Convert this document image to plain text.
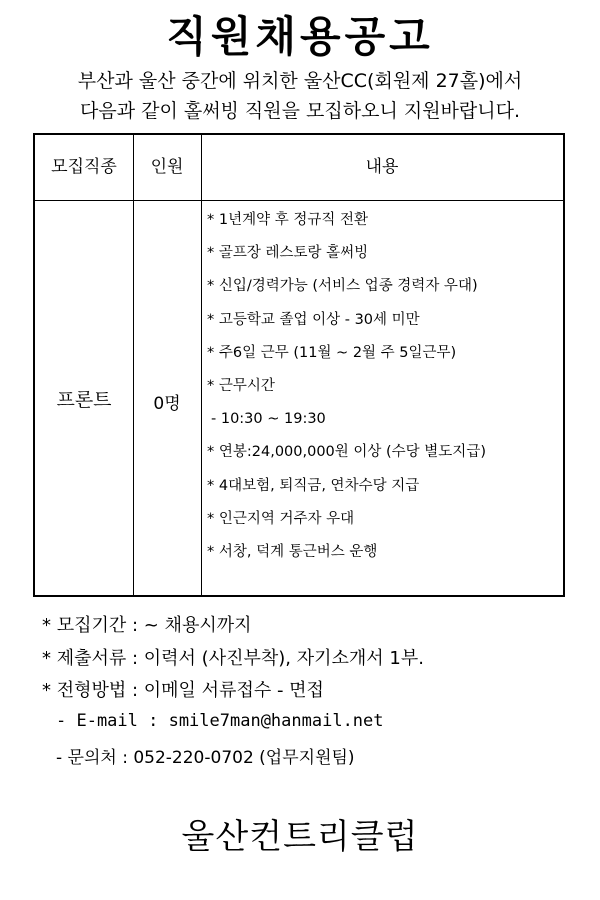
직원채용공고
부산과 울산 중간에 위치한 울산CC(회원제 27홀)에서
다음과 같이 홀써빙 직원을 모집하오니 지원바랍니다.
모집직종	인원	내용
프론트	0명
* 1년계약 후 정규직 전환
* 골프장 레스토랑 홀써빙
* 신입/경력가능 (서비스 업종 경력자 우대)
* 고등학교 졸업 이상 - 30세 미만
* 주6일 근무 (11월 ~ 2월 주 5일근무)
* 근무시간
- 10:30 ~ 19:30
* 연봉:24,000,000원 이상 (수당 별도지급)
* 4대보험, 퇴직금, 연차수당 지급
* 인근지역 거주자 우대
* 서창, 덕계 통근버스 운행
* 모집기간 : ~ 채용시까지
* 제출서류 : 이력서 (사진부착), 자기소개서 1부.
* 전형방법 : 이메일 서류접수 - 면접
- E-mail : smile7man@hanmail.net
- 문의처 : 052-220-0702 (업무지원팀)
울산컨트리클럽
